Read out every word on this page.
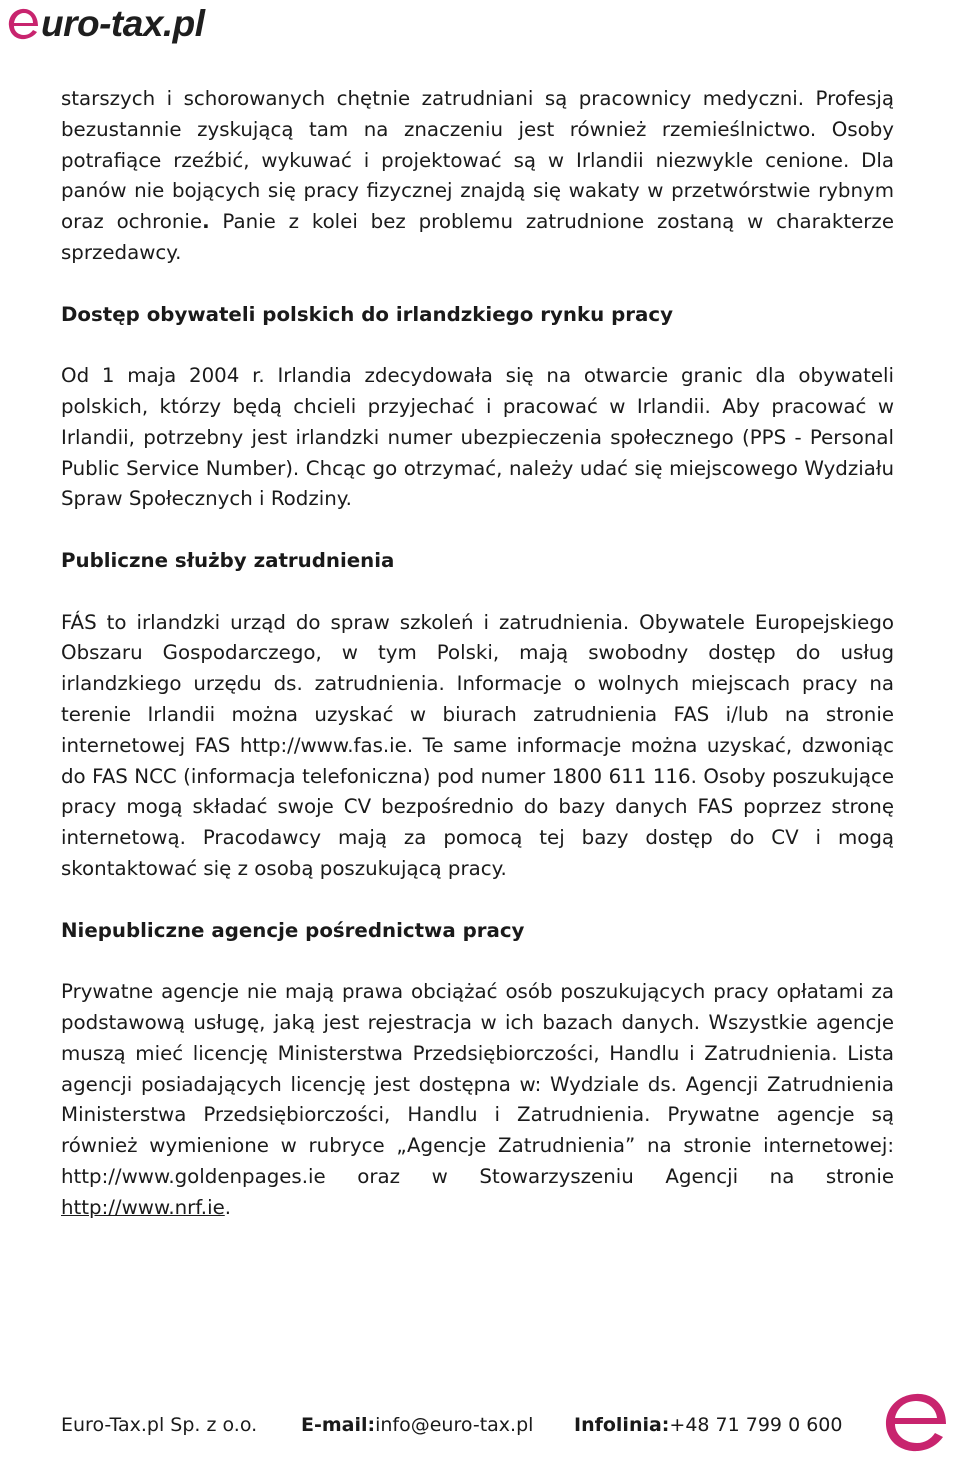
uro-tax.pl

starszych i schorowanych chętnie zatrudniani są pracownicy medyczni. Profesją bezustannie zyskującą tam na znaczeniu jest również rzemieślnictwo. Osoby potrafiące rzeźbić, wykuwać i projektować są w Irlandii niezwykle cenione. Dla panów nie bojących się pracy fizycznej znajdą się wakaty w przetwórstwie rybnym oraz ochronie. Panie z kolei bez problemu zatrudnione zostaną w charakterze sprzedawcy.

Dostęp obywateli polskich do irlandzkiego rynku pracy

Od 1 maja 2004 r. Irlandia zdecydowała się na otwarcie granic dla obywateli polskich, którzy będą chcieli przyjechać i pracować w Irlandii. Aby pracować w Irlandii, potrzebny jest irlandzki numer ubezpieczenia społecznego (PPS - Personal Public Service Number). Chcąc go otrzymać, należy udać się miejscowego Wydziału Spraw Społecznych i Rodziny.

Publiczne służby zatrudnienia

FÁS to irlandzki urząd do spraw szkoleń i zatrudnienia. Obywatele Europejskiego Obszaru Gospodarczego, w tym Polski, mają swobodny dostęp do usług irlandzkiego urzędu ds. zatrudnienia. Informacje o wolnych miejscach pracy na terenie Irlandii można uzyskać w biurach zatrudnienia FAS i/lub na stronie internetowej FAS http://www.fas.ie. Te same informacje można uzyskać, dzwoniąc do FAS NCC (informacja telefoniczna) pod numer 1800 611 116. Osoby poszukujące pracy mogą składać swoje CV bezpośrednio do bazy danych FAS poprzez stronę internetową. Pracodawcy mają za pomocą tej bazy dostęp do CV i mogą skontaktować się z osobą poszukującą pracy.

Niepubliczne agencje pośrednictwa pracy

Prywatne agencje nie mają prawa obciążać osób poszukujących pracy opłatami za podstawową usługę, jaką jest rejestracja w ich bazach danych. Wszystkie agencje muszą mieć licencję Ministerstwa Przedsiębiorczości, Handlu i Zatrudnienia. Lista agencji posiadających licencję jest dostępna w: Wydziale ds. Agencji Zatrudnienia Ministerstwa Przedsiębiorczości, Handlu i Zatrudnienia. Prywatne agencje są również wymienione w rubryce „Agencje Zatrudnienia” na stronie internetowej: http://www.goldenpages.ie oraz w Stowarzyszeniu Agencji na stronie http://www.nrf.ie.

Euro-Tax.pl Sp. z o.o. E-mail:info@euro-tax.pl Infolinia:+48 71 799 0 600
